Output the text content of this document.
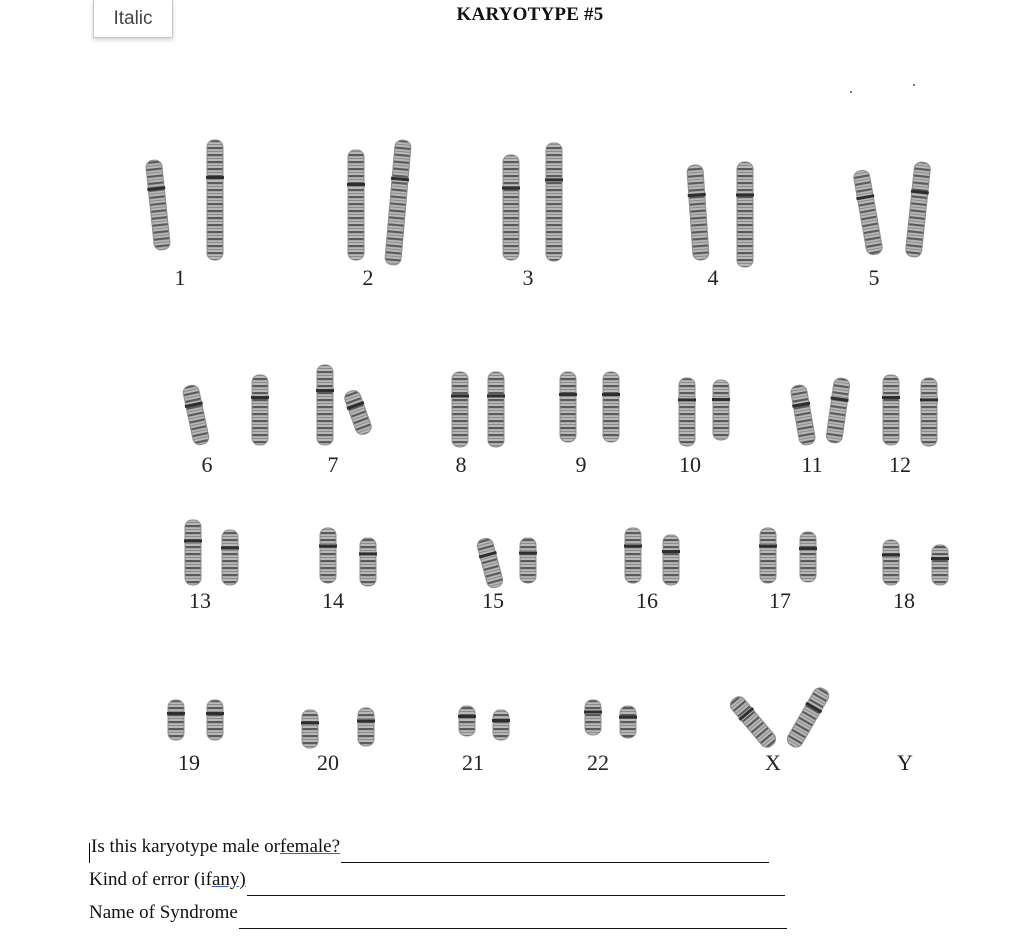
Italic	KARYOTYPE #5
1	2	3	4	5
6	7	8	9	10	11	12
13	14	15	16	17	18
19	20	21	22	X	Y
Is this karyotype male or female?
Kind of error (if any)
Name of Syndrome
